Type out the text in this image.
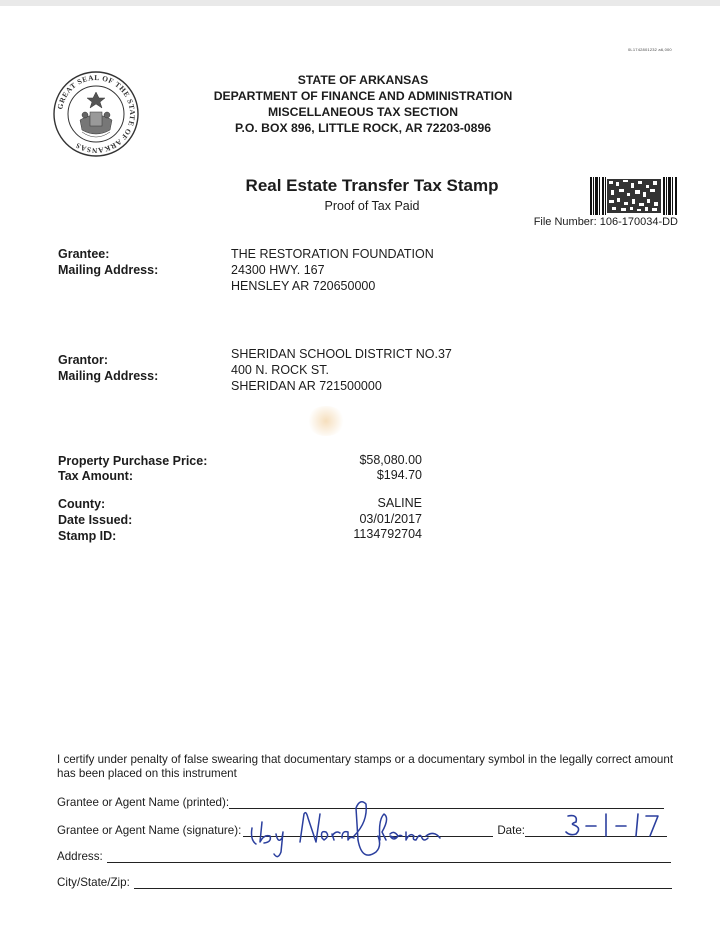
0L1742801232 a6,000
GREAT SEAL OF THE STATE OF ARKANSAS
STATE OF ARKANSAS
DEPARTMENT OF FINANCE AND ADMINISTRATION
MISCELLANEOUS TAX SECTION
P.O. BOX 896, LITTLE ROCK, AR 72203-0896
Real Estate Transfer Tax Stamp
Proof of Tax Paid
File Number: 106-170034-DD
Grantee:
Mailing Address:
THE RESTORATION FOUNDATION
24300 HWY. 167
HENSLEY AR 720650000
Grantor:
Mailing Address:
SHERIDAN SCHOOL DISTRICT NO.37
400 N. ROCK ST.
SHERIDAN AR 721500000
Property Purchase Price:
Tax Amount:
$58,080.00
$194.70
County:
Date Issued:
Stamp ID:
SALINE
03/01/2017
1134792704
I certify under penalty of false swearing that documentary stamps or a documentary symbol in the legally correct amount has been placed on this instrument
Grantee or Agent Name (printed):
Grantee or Agent Name (signature):	Date:
Address:
City/State/Zip:
